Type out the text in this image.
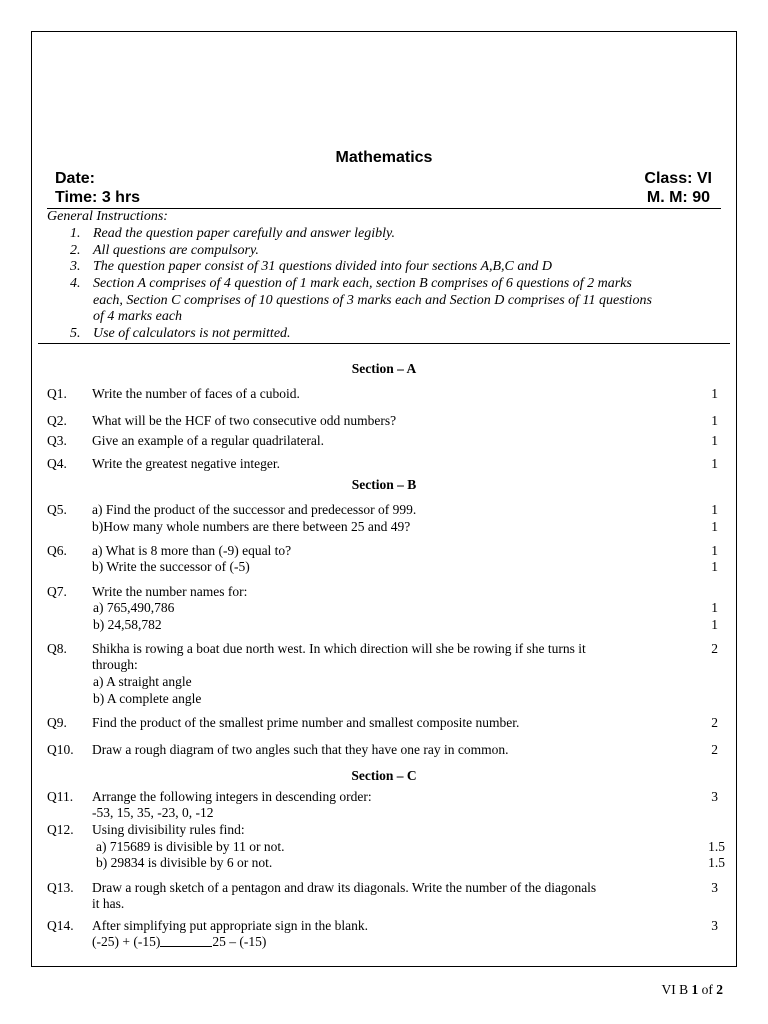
Mathematics
Date:	Class: VI
Time: 3 hrs	M. M: 90
General Instructions:
1. Read the question paper carefully and answer legibly.
2. All questions are compulsory.
3. The question paper consist of 31 questions divided into four sections A,B,C and D
4. Section A comprises of 4 question of 1 mark each, section B comprises of 6 questions of 2 marks
each, Section C comprises of 10 questions of 3 marks each and Section D comprises of 11 questions
of 4 marks each
5. Use of calculators is not permitted.
Section – A
Q1. Write the number of faces of a cuboid.	1
Q2. What will be the HCF of two consecutive odd numbers?	1
Q3. Give an example of a regular quadrilateral.	1
Q4. Write the greatest negative integer.	1
Section – B
Q5. a) Find the product of the successor and predecessor of 999.	1
b)How many whole numbers are there between 25 and 49?	1
Q6. a) What is 8 more than (-9) equal to?	1
b) Write the successor of (-5)	1
Q7. Write the number names for:
a) 765,490,786	1
b) 24,58,782	1
Q8. Shikha is rowing a boat due north west. In which direction will she be rowing if she turns it	2
through:
a) A straight angle
b) A complete angle
Q9. Find the product of the smallest prime number and smallest composite number.	2
Q10. Draw a rough diagram of two angles such that they have one ray in common.	2
Section – C
Q11. Arrange the following integers in descending order:	3
-53, 15, 35, -23, 0, -12
Q12. Using divisibility rules find:
a) 715689 is divisible by 11 or not.	1.5
b) 29834 is divisible by 6 or not.	1.5
Q13. Draw a rough sketch of a pentagon and draw its diagonals. Write the number of the diagonals	3
it has.
Q14. After simplifying put appropriate sign in the blank.	3
(-25) + (-15)	25 – (-15)
VI B 1 of 2
